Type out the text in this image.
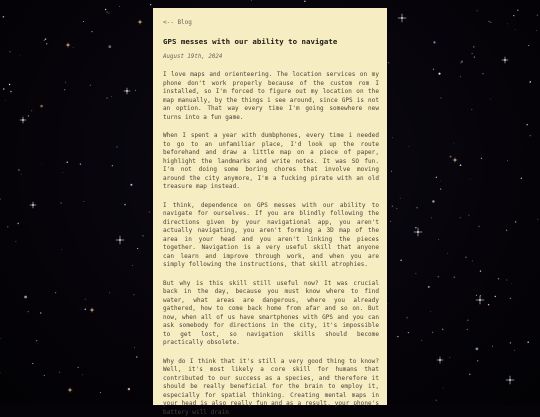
<-- Blog
GPS messes with our ability to navigate
August 19th, 2024

I love maps and orienteering. The location services on my phone don't work properly because of the custom rom I installed, so I'm forced to figure out my location on the map manually, by the things i see around, since GPS is not an option. That way every time I'm going somewhere new turns into a fun game.

When I spent a year with dumbphones, every time i needed to go to an unfamiliar place, I'd look up the route beforehand and draw a little map on a piece of paper, highlight the landmarks and write notes. It was SO fun. I'm not doing some boring chores that involve moving around the city anymore, I'm a fucking pirate with an old treasure map instead.

I think, dependence on GPS messes with our ability to navigate for ourselves. If you are blindly following the directions given by your navigational app, you aren't actually navigating, you aren't forming a 3D map of the area in your head and you aren't linking the pieces together. Navigation is a very useful skill that anyone can learn and improve through work, and when you are simply following the instructions, that skill atrophies.

But why is this skill still useful now? It was crucial back in the day, because you must know where to find water, what areas are dangerous, where you already gathered, how to come back home from afar and so on. But now, when all of us have smartphones with GPS and you can ask somebody for directions in the city, it's impossible to get lost, so navigation skills should become practically obsolete.

Why do I think that it's still a very good thing to know? Well, it's most likely a core skill for humans that contributed to our success as a species, and therefore it should be really beneficial for the brain to employ it, especially for spatial thinking. Creating mental maps in your head is also really fun and as a result, your phone's battery will drain
